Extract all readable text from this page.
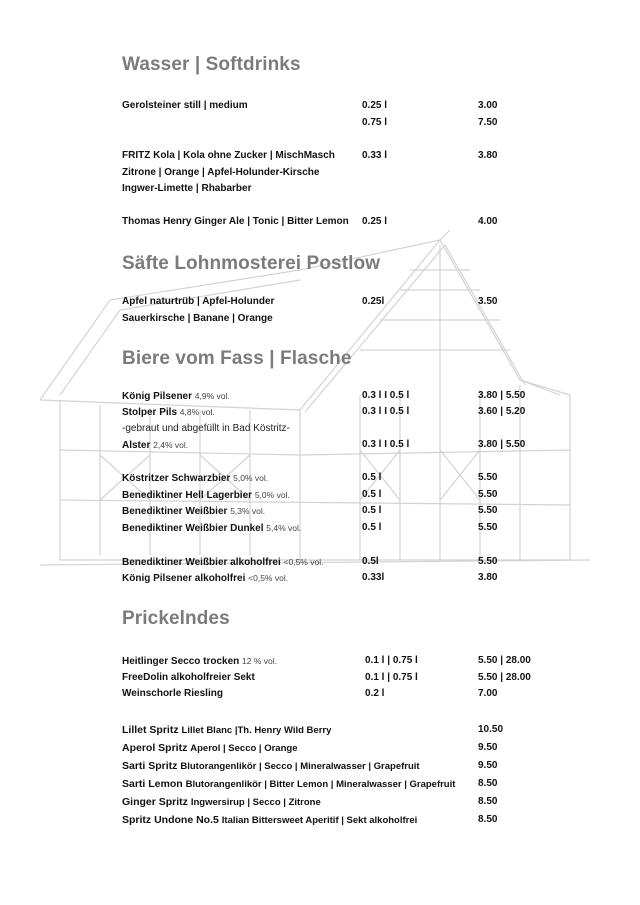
Wasser | Softdrinks
Gerolsteiner still | medium	0.25 l	3.00
0.75 l	7.50
FRITZ Kola | Kola ohne Zucker | MischMasch	0.33 l	3.80
Zitrone | Orange | Apfel-Holunder-Kirsche
Ingwer-Limette | Rhabarber
Thomas Henry Ginger Ale | Tonic | Bitter Lemon 0.25 l	4.00
Säfte Lohnmosterei Postlow
Apfel naturtrüb | Apfel-Holunder	0.25l	3.50
Sauerkirsche | Banane | Orange
Biere vom Fass | Flasche
König Pilsener 4,9% vol.	0.3 l I 0.5 l	3.80 | 5.50
Stolper Pils 4,8% vol.	0.3 l I 0.5 l	3.60 | 5.20
-gebraut und abgefüllt in Bad Köstritz-
Alster 2,4% vol.	0.3 l I 0.5 l	3.80 | 5.50
Köstritzer Schwarzbier 5,0% vol.	0.5 l	5.50
Benediktiner Hell Lagerbier 5,0% vol.	0.5 l	5.50
Benediktiner Weißbier 5,3% vol.	0.5 l	5.50
Benediktiner Weißbier Dunkel 5,4% vol.	0.5 l	5.50
Benediktiner Weißbier alkoholfrei <0,5% vol.	0.5l	5.50
König Pilsener alkoholfrei <0,5% vol.	0.33l	3.80
Prickelndes
Heitlinger Secco trocken 12 % vol.	0.1 l | 0.75 l	5.50 | 28.00
FreeDolin alkoholfreier Sekt	0.1 l | 0.75 l	5.50 | 28.00
Weinschorle Riesling	0.2 l	7.00
Lillet Spritz Lillet Blanc |Th. Henry Wild Berry	10.50
Aperol Spritz Aperol | Secco | Orange	9.50
Sarti Spritz Blutorangenlikör | Secco | Mineralwasser | Grapefruit	9.50
Sarti Lemon Blutorangenlikör | Bitter Lemon | Mineralwasser | Grapefruit 8.50
Ginger Spritz Ingwersirup | Secco | Zitrone	8.50
Spritz Undone No.5 Italian Bittersweet Aperitif | Sekt alkoholfrei	8.50
